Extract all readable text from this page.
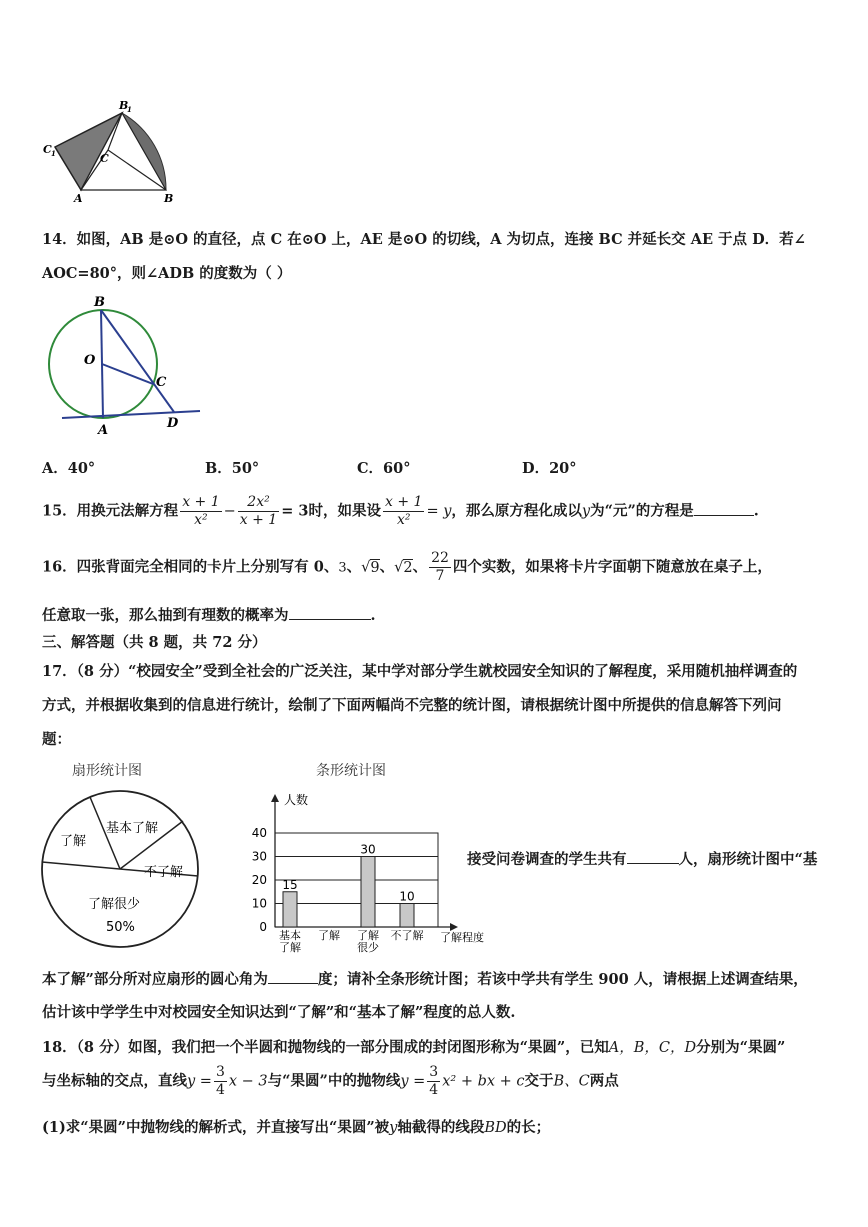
B
1
C 1	C
A	B
14．如图，AB 是⊙O 的直径，点 C 在⊙O 上，AE 是⊙O 的切线，A 为切点，连接 BC 并延长交 AE 于点 D．若∠
AOC=80°，则∠ADB 的度数为（ ）
B
O
C
A	D
A．40°	B．50°	C．60°	D．20°
15．用换元法解方程 $\frac{x + 1}{\text{x²}} - \frac{\text{2x²}}{x + 1} = 3$时，如果设 $\frac{x + 1}{\text{x²}} = y$，那么原方程化成以y为“元”的方程是	.
16．四张背面完全相同的卡片上分别写有 0、3、√9、√2、 $\frac{22}{7}$ 四个实数，如果将卡片字面朝下随意放在桌子上，
任意取一张，那么抽到有理数的概率为	.
三、解答题（共 8 题，共 72 分）
17．（8 分）“校园安全”受到全社会的广泛关注，某中学对部分学生就校园安全知识的了解程度，采用随机抽样调查的
方式，并根据收集到的信息进行统计，绘制了下面两幅尚不完整的统计图，请根据统计图中所提供的信息解答下列问
题：
扇形统计图
基本了解
了解
不了解
了解很少
50%
条形统计图
0
10
20
30
40
人数
15
基本
了解
了解
30
了解
很少
10
不了解 了解程度
接受问卷调查的学生共有	人，扇形统计图中“基
本了解”部分所对应扇形的圆心角为	度；请补全条形统计图；若该中学共有学生 900 人，请根据上述调查结果，
估计该中学学生中对校园安全知识达到“了解”和“基本了解”程度的总人数.
18．（8 分）如图，我们把一个半圆和抛物线的一部分围成的封闭图形称为“果圆”，已知A，B，C，D分别为“果圆”
与坐标轴的交点，直线$y = \frac{3}{4}$ x − 3与“果圆”中的抛物线$y = \frac{3}{4} x^2$ + bx + c交于B、C两点
(1)求“果圆”中抛物线的解析式，并直接写出“果圆”被y轴截得的线段BD的长；
